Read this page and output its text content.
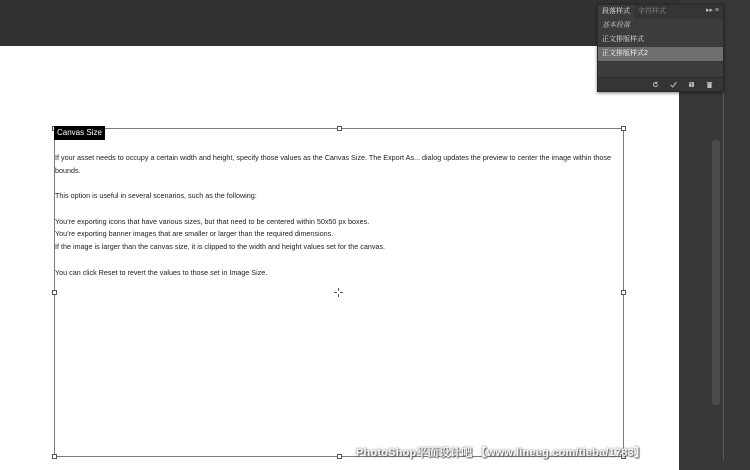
段落样式	字符样式	▸▸ ≡
基本段落
正文排版样式
正文排版样式2
Canvas Size

If your asset needs to occupy a certain width and height, specify those values as the Canvas Size. The Export As... dialog updates the preview to center the image within those bounds.

This option is useful in several scenarios, such as the following:

You’re exporting icons that have various sizes, but that need to be centered within 50x50 px boxes.

You’re exporting banner images that are smaller or larger than the required dimensions.

If the image is larger than the canvas size, it is clipped to the width and height values set for the canvas.

You can click Reset to revert the values to those set in Image Size.

PhotoShop平面设计吧 【www.lineeg.com/tieba/1783】
